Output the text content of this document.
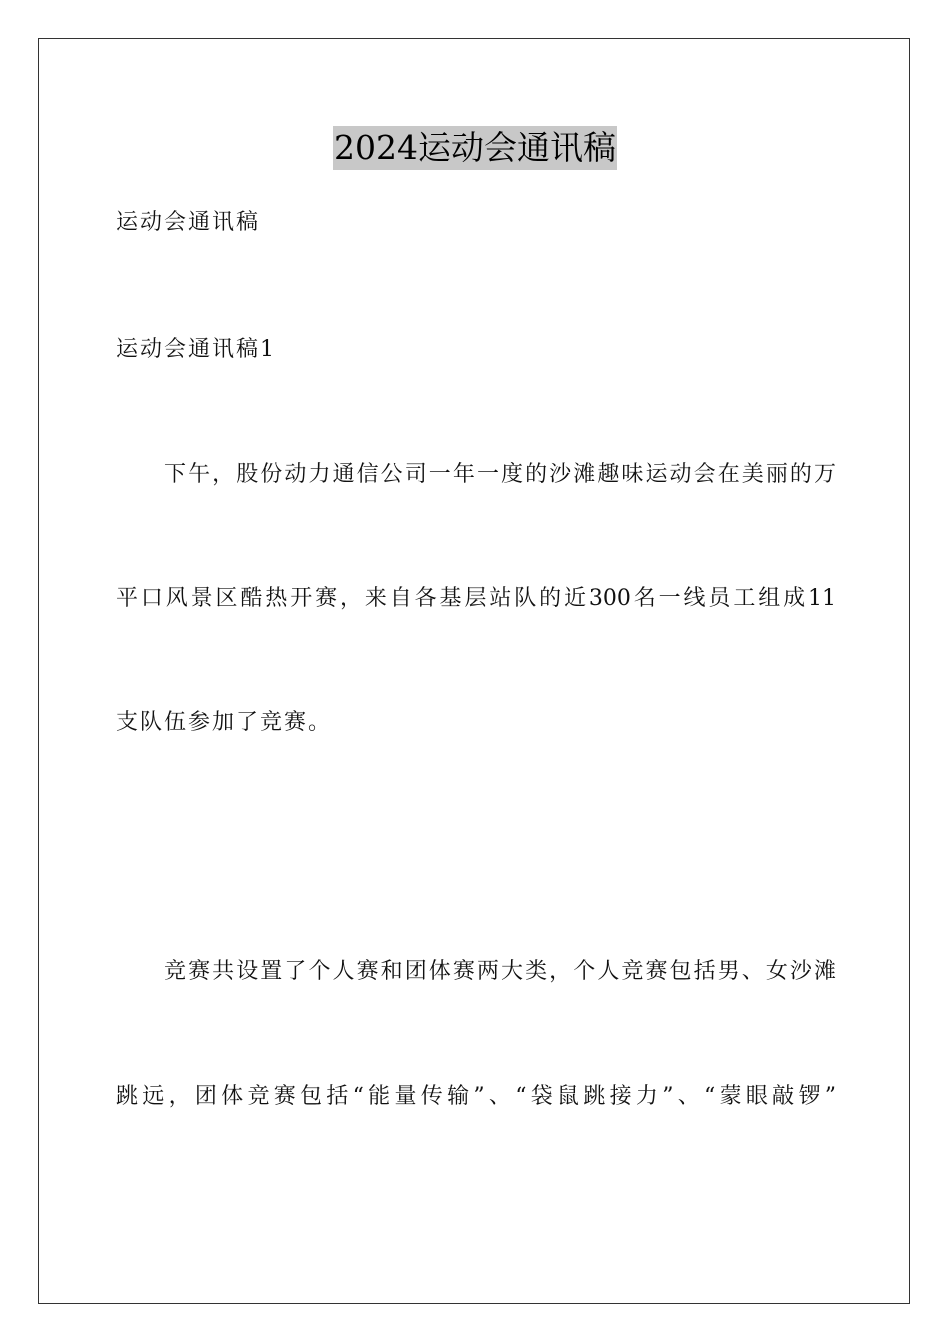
2024运动会通讯稿
运动会通讯稿
运动会通讯稿1
下午，股份动力通信公司一年一度的沙滩趣味运动会在美丽的万
平口风景区酷热开赛，来自各基层站队的近300名一线员工组成11
支队伍参加了竞赛。
竞赛共设置了个人赛和团体赛两大类，个人竞赛包括男、女沙滩
跳远，团体竞赛包括“能量传输”、“袋鼠跳接力”、“蒙眼敲锣”
